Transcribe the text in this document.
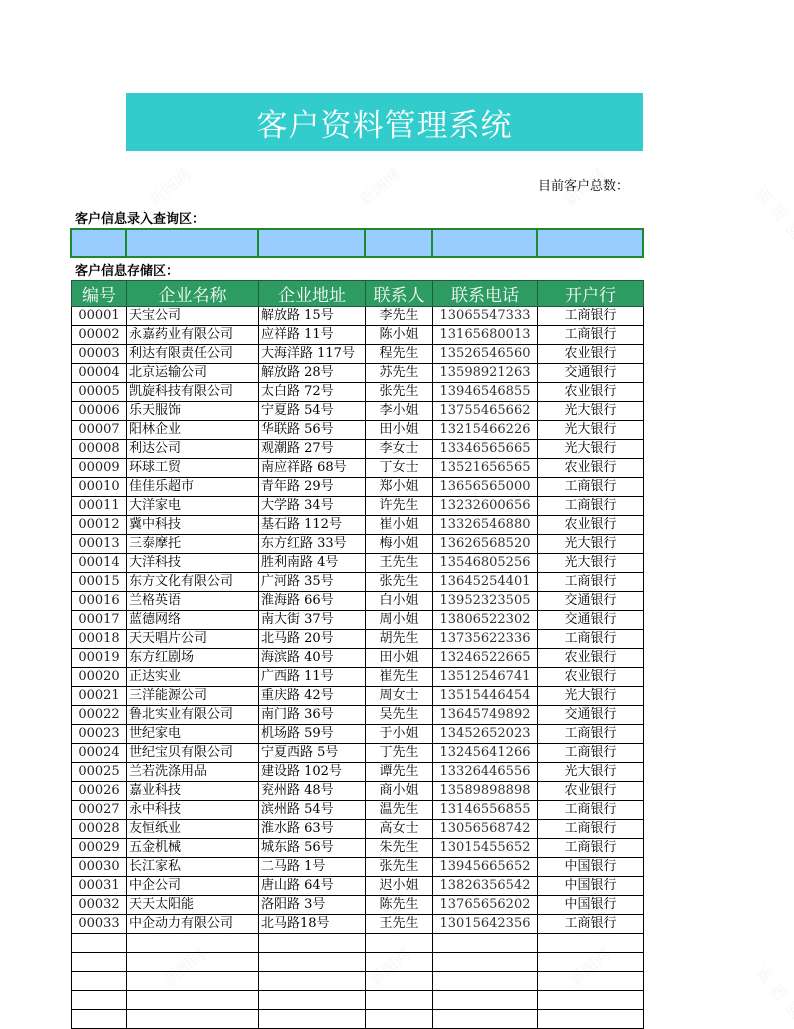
客户资料管理系统
目前客户总数：
客户信息录入查询区：
客户信息存储区：
编号	企业名称	企业地址	联系人	联系电话	开户行
00001	天宝公司	解放路 15号	李先生	13065547333	工商银行
00002	永嘉药业有限公司	应祥路 11号	陈小姐	13165680013	工商银行
00003	利达有限责任公司	大海洋路 117号	程先生	13526546560	农业银行
00004	北京运输公司	解放路 28号	苏先生	13598921263	交通银行
00005	凯旋科技有限公司	太白路 72号	张先生	13946546855	农业银行
00006	乐天服饰	宁夏路 54号	李小姐	13755465662	光大银行
00007	阳林企业	华联路 56号	田小姐	13215466226	光大银行
00008	利达公司	观潮路 27号	李女士	13346565665	光大银行
00009	环球工贸	南应祥路 68号	丁女士	13521656565	农业银行
00010	佳佳乐超市	青年路 29号	郑小姐	13656565000	工商银行
00011	大洋家电	大学路 34号	许先生	13232600656	工商银行
00012	冀中科技	基石路 112号	崔小姐	13326546880	农业银行
00013	三泰摩托	东方红路 33号	梅小姐	13626568520	光大银行
00014	大洋科技	胜利南路 4号	王先生	13546805256	光大银行
00015	东方文化有限公司	广河路 35号	张先生	13645254401	工商银行
00016	兰格英语	淮海路 66号	白小姐	13952323505	交通银行
00017	蓝德网络	南大街 37号	周小姐	13806522302	交通银行
00018	天天唱片公司	北马路 20号	胡先生	13735622336	工商银行
00019	东方红剧场	海滨路 40号	田小姐	13246522665	农业银行
00020	正达实业	广西路 11号	崔先生	13512546741	农业银行
00021	三洋能源公司	重庆路 42号	周女士	13515446454	光大银行
00022	鲁北实业有限公司	南门路 36号	吴先生	13645749892	交通银行
00023	世纪家电	机场路 59号	于小姐	13452652023	工商银行
00024	世纪宝贝有限公司	宁夏西路 5号	丁先生	13245641266	工商银行
00025	兰若洗涤用品	建设路 102号	谭先生	13326446556	光大银行
00026	嘉业科技	兖州路 48号	商小姐	13589898898	农业银行
00027	永中科技	滨州路 54号	温先生	13146556855	工商银行
00028	友恒纸业	淮水路 63号	高女士	13056568742	工商银行
00029	五金机械	城东路 56号	朱先生	13015455652	工商银行
00030	长江家私	二马路 1号	张先生	13945665652	中国银行
00031	中企公司	唐山路 64号	迟小姐	13826356542	中国银行
00032	天天太阳能	洛阳路 3号	陈先生	13765656202	中国银行
00033	中企动力有限公司	北马路18号	王先生	13015642356	工商银行
